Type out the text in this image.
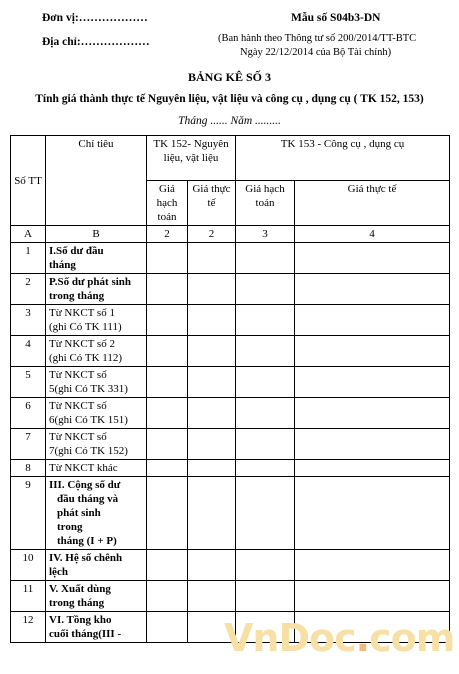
Đơn vị:………………
Địa chỉ:………………
Mẫu số S04b3-DN
(Ban hành theo Thông tư số 200/2014/TT-BTC
Ngày 22/12/2014 của Bộ Tài chính)
BẢNG KÊ SỐ 3
Tính giá thành thực tế Nguyên liệu, vật liệu và công cụ , dụng cụ ( TK 152, 153)
Tháng ...... Năm .........
Số TT	Chỉ tiêu	TK 152- Nguyên liệu, vật liệu		TK 153 - Công cụ , dụng cụ	
		Giá hạch toán	Giá thực tế	Giá hạch toán	Giá thực tế
A	B	2	2	3	4
1	I.Số dư đầu
tháng				

2	P.Số dư phát sinh
trong tháng				

3	Từ NKCT số 1
(ghi Có TK 111)				

4	Từ NKCT số 2
(ghi Có TK 112)				

5	Từ NKCT số
5(ghi Có TK 331)				

6	Từ NKCT số
6(ghi Có TK 151)				

7	Từ NKCT số
7(ghi Có TK 152)				

8	Từ NKCT khác				

9	III. Cộng số dư
đầu tháng và
phát sinh
trong
tháng (I + P)				

10	IV. Hệ số chênh
lệch				

11	V. Xuất dùng
trong tháng				

12	VI. Tồng kho
cuối tháng(III -				
					VnDoc.com
